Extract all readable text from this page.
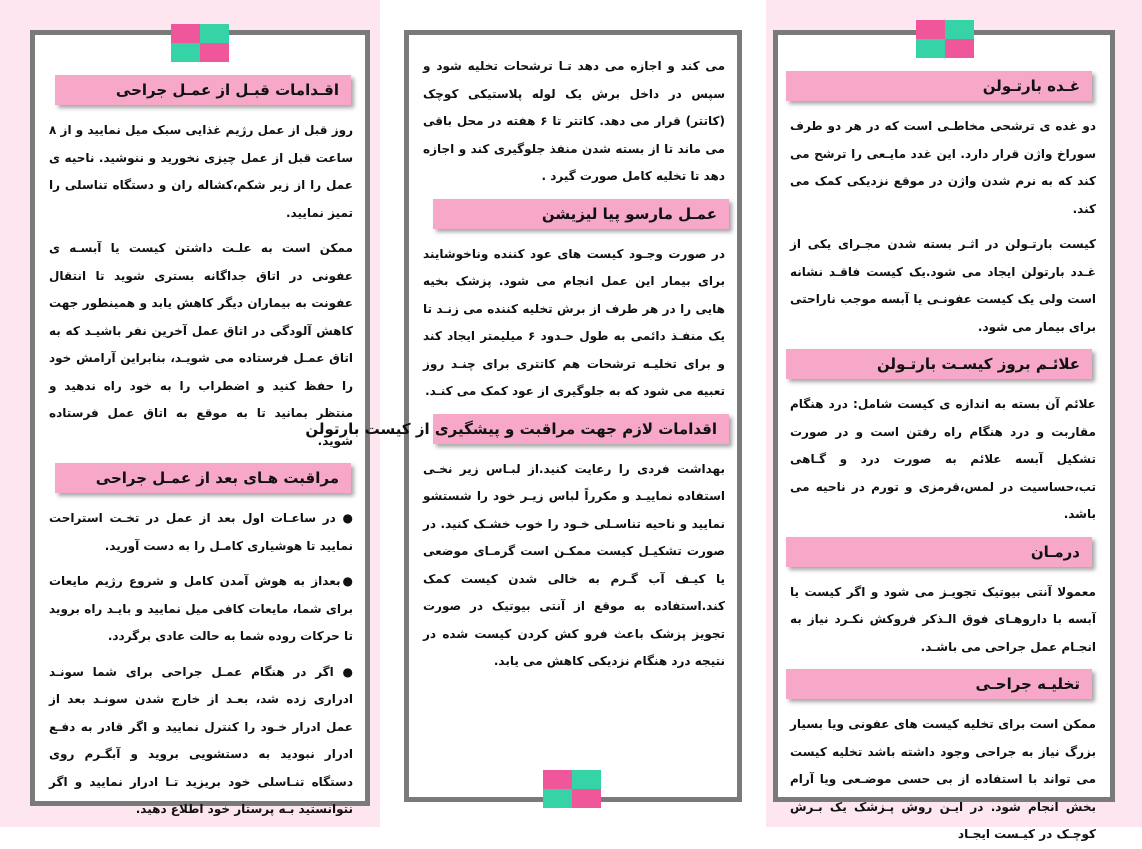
اقـدامات قبـل از عمـل جراحی

روز قبل از عمل رژیم غذایی سبک میل نمایید و از ۸ ساعت قبل از عمل چیزی نخورید و ننوشید. ناحیه ی عمل را از زیر شکم،کشاله ران و دستگاه تناسلی را تمیز نمایید.

ممکن است به علـت داشتن کیست یا آبسـه ی عفونی در اتاق جداگانه بستری شوید تا انتقال عفونت به بیماران دیگر کاهش یابد و همینطور جهت کاهش آلودگی در اتاق عمل آخرین نفر باشیـد که به اتاق عمـل فرستاده می شویـد، بنابراین آرامش خود را حفظ کنید و اضطراب را به خود راه ندهید و بمانید تا به موقع به اتاق عمل فرستاده

مراقبت هـای بعد از عمـل جراحی

● در ساعـات اول بعد از عمل در تخـت استراحت نمایید تا هوشیاری کامـل را به دست آوريد.

●بعداز به هوش آمدن کامل و شروع رژیم مایعات برای شما، مایعات کافی میل نمایید و بایـد راه بروید تا حرکات روده شما به حالت عادی برگردد.

● اگر در هنگام عمـل جراحی برای شما سونـد ادراری زده شد، بعـد از خارج شدن سونـد بعد از عمل ادرار خـود را کنترل نمایید و اگر قادر به دفـع ادرار نبودید به دستشویی بروید و آبگـرم روی دستگاه تنـاسلی خود بریزید تـا ادرار نمایید و اگر نتوانستید بـه پرستار خود اطلاع دهید.

می کند و اجازه می دهد تـا ترشحات تخلیه شود و سپس در داخل برش یک لوله پلاستیکی کوچک (کاتتر) قرار می دهد. کاتتر تا ۶ هفته در محل باقی می ماند تا از بسته شدن منفذ جلوگیری کند و اجازه دهد تا تخلیه کامل صورت گیرد .

عمـل مارسو پیا لیزیشن

در صورت وجـود کیست های عود کننده وناخوشایند برای بیمار این عمل انجام می شود. پزشک بخیه هایی را در هر طرف از برش تخلیه کننده می زنـد تا یک منفـذ دائمی به طول حـدود ۶ میلیمتر ایجاد کند و برای تخلیـه ترشحات هم کاتتری برای چنـد روز تعبیه می شود که به جلوگیری از عود کمک می کنـد.

اقدامات لازم جهت مراقبت و پیشگیری از کیست بارتولن

بهداشت فردی را رعایت کنید.از لبـاس زیر نخـی استفاده نماییـد و مکرراً لباس زیـر خود را شستشو نمایید و ناحیه تناسـلی خـود را خوب خشـک کنید. در صورت تشکیـل کیست ممکـن است گرمـای موضعی یا کیـف آب گـرم به خالی شدن کیست کمک کند.استفاده به موقع از آنتی بیوتیک در صورت تجویز پزشک باعث فرو کش کردن کیست شده در نتیجه درد هنگام نزدیکی کاهش می یابد.

غـده بارتـولن

دو غده ی ترشحی مخاطـی است که در هر دو طرف سوراخ واژن قرار دارد. این غدد مایـعی را ترشح می کند که به نرم شدن واژن در موقع نزدیکی کمک می کند.

کیست بارتـولن در اثـر بسته شدن مجـرای یکی از غـدد بارتولن ایجاد می شود.یک کیست فاقـد نشانه است ولی یک کیست عفونـی یا آبسه موجب ناراحتی برای بیمار می شود.

علائـم بروز کیسـت بارتـولن

علائم آن بسته به اندازه ی کیست شامل: درد هنگام مقاربت و درد هنگام راه رفتن است و در صورت تشکیل آبسه علائم به صورت درد و گـاهی تب،حساسیت در لمس،قرمزی و تورم در ناحیه می باشد.

درمـان

معمولا آنتی بیوتیک تجویـز می شود و اگر کیست یا آبسه با داروهـای فوق الـذکر فروکش نکـرد نیاز به انجـام عمل جراحی می باشـد.

تخلیـه جراحـی

ممکن است برای تخلیه کیست های عفونی ویا بسیار بزرگ نیاز به جراحی وجود داشته باشد تخلیه کیست می تواند با استفاده از بی حسی موضـعی ویا آرام بخش انجام شود. در ایـن روش پـزشک یک بـرش کوچـک در کیـست ایجـاد
